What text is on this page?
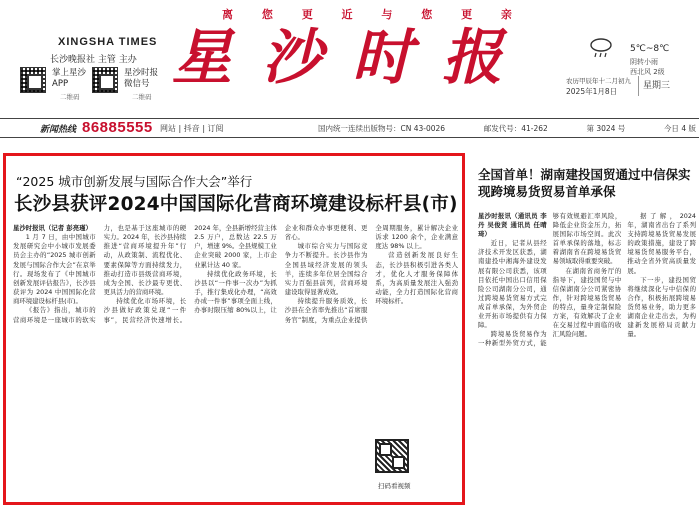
离	您	更	近	与	您	更	亲
XINGSHA TIMES
长沙晚报社 主管 主办
掌上星沙 APP
二维码
星沙时报 微信号
二维码
星 沙 时 报	5℃~8℃
阴转小雨
西北风 2级
农历甲辰年十二月初九
2025年1月8日
星期三
新闻热线 86885555 网站 | 抖音 | 订阅	国内统一连续出版物号：CN 43-0026	邮发代号：41-262	第 3024 号	今日 4 版
“2025 城市创新发展与国际合作大会”举行
长沙县获评2024中国国际化营商环境建设标杆县(市)

星沙时报讯（记者 彭亮瑾）

1 月 7 日，由中国城市发展研究会中小城市发展委员会主办的“2025 城市创新发展与国际合作大会”在京举行。现场发布了《中国城市创新发展评估报告》，长沙县获评为 2024 中国国际化营商环境建设标杆县(市)。

《报告》指出，城市的营商环境是一座城市的软实力，也是基于这座城市的硬实力。2024 年，长沙县持续推进“营商环境提升年”行动，从政策制、流程优化、要素保障等方面持续发力，推动打造市县级营商环境，成为全国、长沙最专更优、更具活力的营商环境。

持续优化市场环境，长沙县做好政策兑现“一件事”，民营经济快速增长。2024 年，全县新增经营主体 2.5 万户，总数达 22.5 万户，增速 9%。全县规模工业企业突破 2000 家，上市企业累计达 40 家。

持续优化政务环境，长沙县以“一件事一次办”为抓手，推行集成化办理，“高效办成一件事”事项全面上线，办事时限压缩 80%以上，让企业和群众办事更便利、更省心。

城市综合实力与国际竞争力不断提升。长沙县作为全国县域经济发展的领头羊，连续多年位居全国综合实力百强县前列，营商环境建设取得显著成效。

持续提升服务质效，长沙县在全省率先推出“首席服务官”制度，为重点企业提供全周期服务，累计解决企业诉求 1200 余个，企业满意度达 98% 以上。

营造创新发展良好生态，长沙县积极引进各类人才，优化人才服务保障体系，为高质量发展注入强劲动能，全力打造国际化营商环境标杆。

扫码看视频
全国首单！湖南建投国贸通过中信保实现跨境易货贸易首单承保

星沙时报讯（通讯员 李丹 吴俊贤 通讯员 任晴琦）

近日，记者从县经济技术开发区获悉，湖南建投中湘海外建设发展有限公司获悉，该项目依托中国出口信用保险公司湖南分公司，通过跨境易货贸易方式完成首单承保，为外贸企业开拓市场提供有力保障。

跨境易货贸易作为一种新型外贸方式，能够有效规避汇率风险，降低企业资金压力，拓展国际市场空间。此次首单承保的落地，标志着湖南省在跨境易货贸易领域取得重要突破。

在湖南省商务厅的指导下，建投国贸与中信保湖南分公司紧密协作，针对跨境易货贸易的特点，量身定制保险方案，有效解决了企业在交易过程中面临的收汇风险问题。

据了解，2024 年，湖南省出台了系列支持跨境易货贸易发展的政策措施，建设了跨境易货贸易服务平台，推动全省外贸高质量发展。

下一步，建投国贸将继续深化与中信保的合作，积极拓展跨境易货贸易业务，助力更多湖南企业走出去，为构建新发展格局贡献力量。
